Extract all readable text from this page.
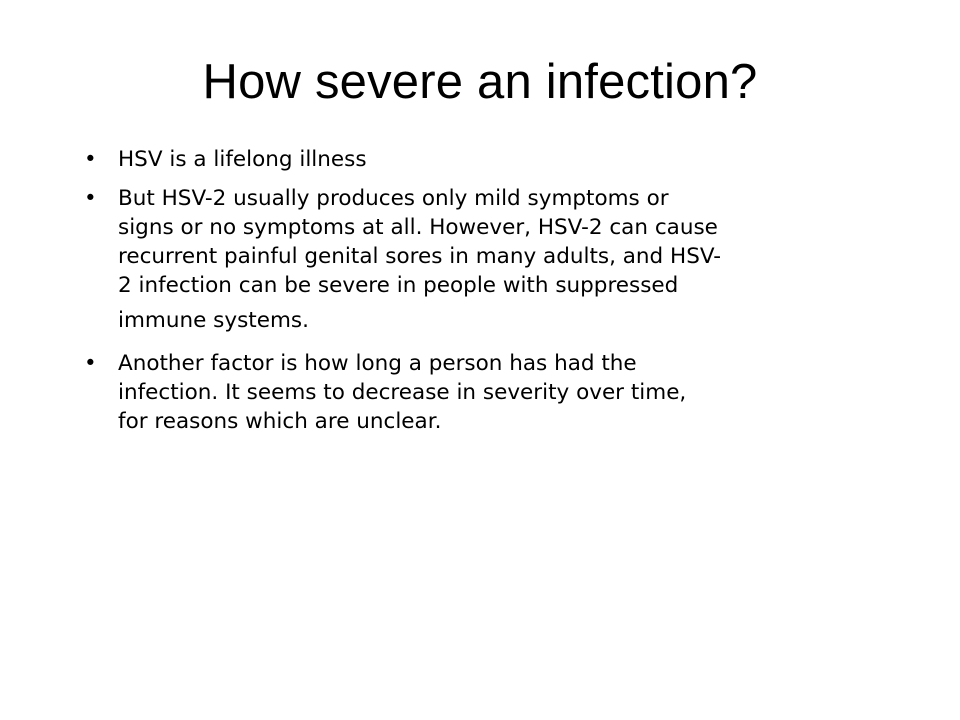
How severe an infection?
• HSV is a lifelong illness
• But HSV-2 usually produces only mild symptoms or
signs or no symptoms at all. However, HSV-2 can cause
recurrent painful genital sores in many adults, and HSV-
2 infection can be severe in people with suppressed
immune systems.
• Another factor is how long a person has had the
infection. It seems to decrease in severity over time,
for reasons which are unclear.
